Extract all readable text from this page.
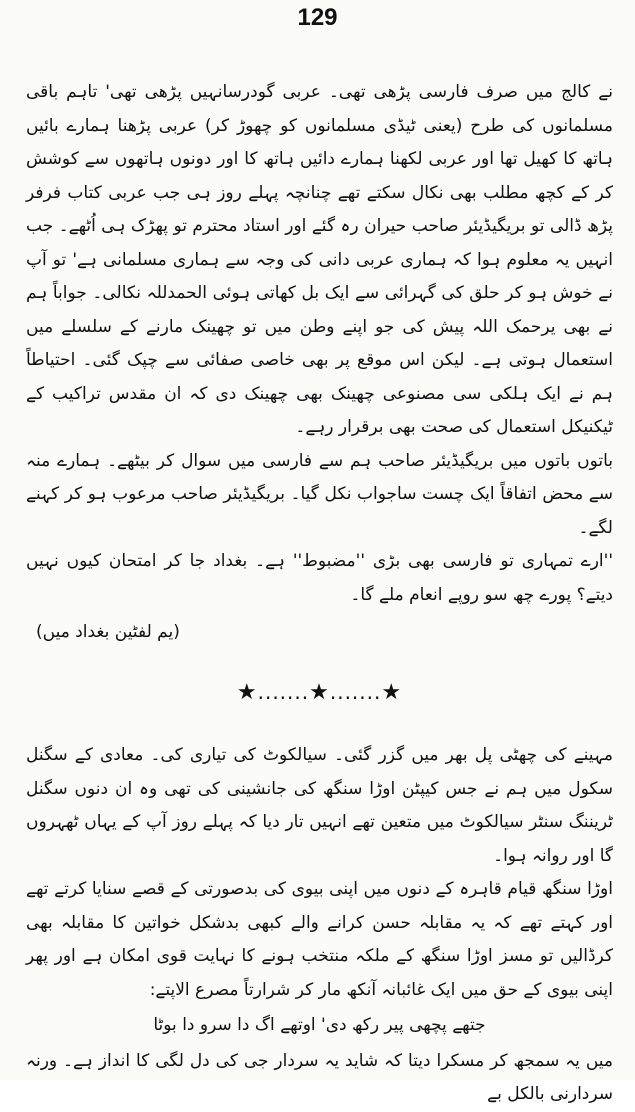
129

نے کالج میں صرف فارسی پڑھی تھی۔ عربی گودرسانہیں پڑھی تھی' تاہم باقی مسلمانوں کی طرح (یعنی ٹیڈی مسلمانوں کو چھوڑ کر) عربی پڑھنا ہمارے بائیں ہاتھ کا کھیل تھا اور عربی لکھنا ہمارے دائیں ہاتھ کا اور دونوں ہاتھوں سے کوشش کر کے کچھ مطلب بھی نکال سکتے تھے چنانچہ پہلے روز ہی جب عربی کتاب فرفر پڑھ ڈالی تو بریگیڈیئر صاحب حیران رہ گئے اور استاد محترم تو پھڑک ہی اُٹھے۔ جب انہیں یہ معلوم ہوا کہ ہماری عربی دانی کی وجہ سے ہماری مسلمانی ہے' تو آپ نے خوش ہو کر حلق کی گہرائی سے ایک بل کھاتی ہوئی الحمدللہ نکالی۔ جواباً ہم نے بھی یرحمک اللہ پیش کی جو اپنے وطن میں تو چھینک مارنے کے سلسلے میں استعمال ہوتی ہے۔ لیکن اس موقع پر بھی خاصی صفائی سے چپک گئی۔ احتیاطاً ہم نے ایک ہلکی سی مصنوعی چھینک بھی چھینک دی کہ ان مقدس تراکیب کے ٹیکنیکل استعمال کی صحت بھی برقرار رہے۔

باتوں باتوں میں بریگیڈیئر صاحب ہم سے فارسی میں سوال کر بیٹھے۔ ہمارے منہ سے محض اتفاقاً ایک چست ساجواب نکل گیا۔ بریگیڈیئر صاحب مرعوب ہو کر کہنے لگے۔

''ارے تمہاری تو فارسی بھی بڑی ''مضبوط'' ہے۔ بغداد جا کر امتحان کیوں نہیں دیتے؟ پورے چھ سو روپے انعام ملے گا۔

(یم لفٹین بغداد میں)

★.......★.......★

مہینے کی چھٹی پل بھر میں گزر گئی۔ سیالکوٹ کی تیاری کی۔ معادی کے سگنل سکول میں ہم نے جس کیپٹن اوڑا سنگھ کی جانشینی کی تھی وہ ان دنوں سگنل ٹریننگ سنٹر سیالکوٹ میں متعین تھے انہیں تار دیا کہ پہلے روز آپ کے یہاں ٹھہروں گا اور روانہ ہوا۔

اوڑا سنگھ قیام قاہرہ کے دنوں میں اپنی بیوی کی بدصورتی کے قصے سنایا کرتے تھے اور کہتے تھے کہ یہ مقابلہ حسن کرانے والے کبھی بدشکل خواتین کا مقابلہ بھی کرڈالیں تو مسز اوڑا سنگھ کے ملکہ منتخب ہونے کا نہایت قوی امکان ہے اور پھر اپنی بیوی کے حق میں ایک غائبانہ آنکھ مار کر شرارتاً مصرع الاپتے:

جتھے پچھی پیر رکھ دی' اوتھے اگ دا سرو دا بوٹا

میں یہ سمجھ کر مسکرا دیتا کہ شاید یہ سردار جی کی دل لگی کا انداز ہے۔ ورنہ سردارنی بالکل بے
